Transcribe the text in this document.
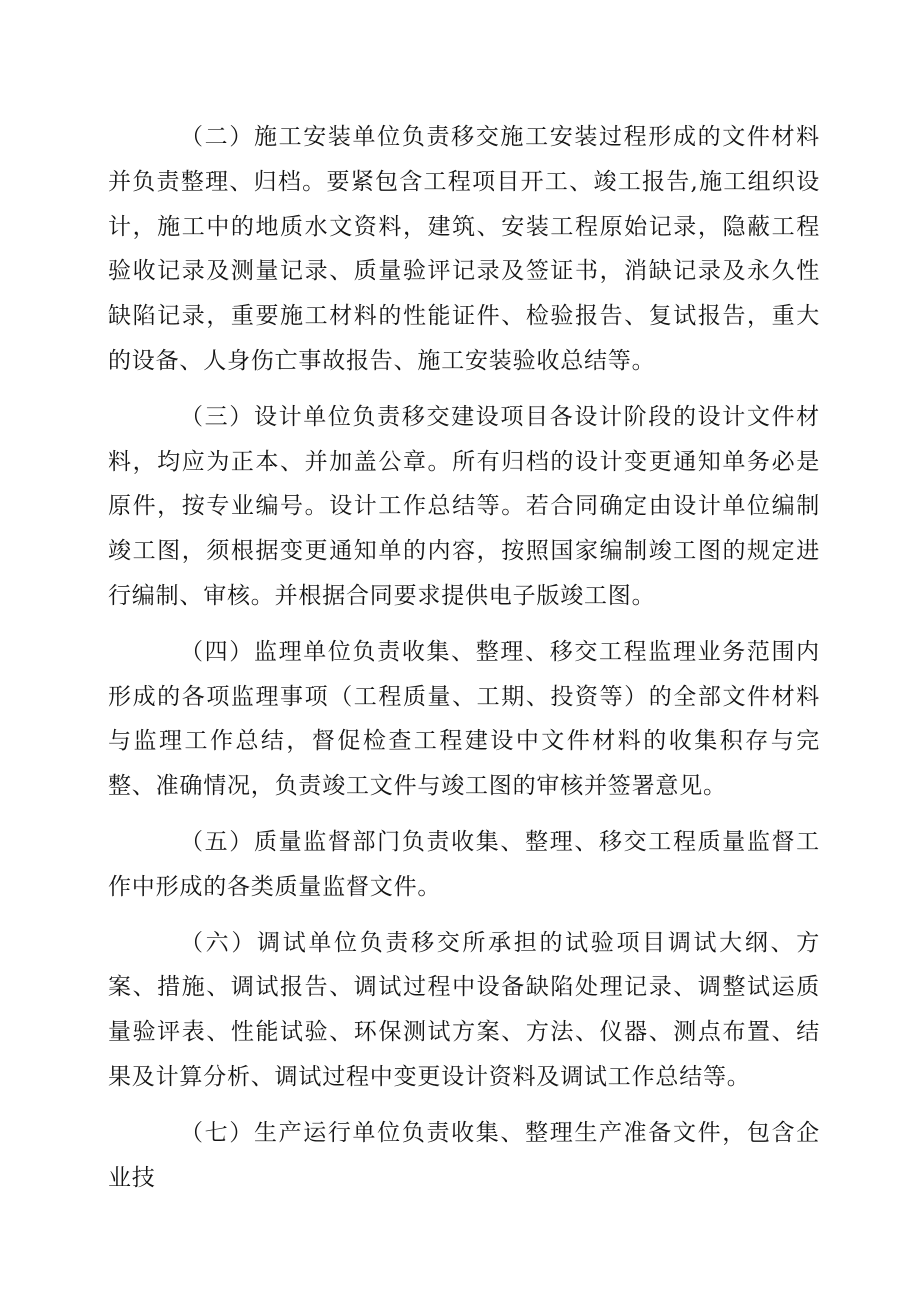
（二）施工安装单位负责移交施工安装过程形成的文件材料并负责整理、归档。要紧包含工程项目开工、竣工报告,施工组织设计，施工中的地质水文资料，建筑、安装工程原始记录，隐蔽工程验收记录及测量记录、质量验评记录及签证书，消缺记录及永久性缺陷记录，重要施工材料的性能证件、检验报告、复试报告，重大的设备、人身伤亡事故报告、施工安装验收总结等。

（三）设计单位负责移交建设项目各设计阶段的设计文件材料，均应为正本、并加盖公章。所有归档的设计变更通知单务必是原件，按专业编号。设计工作总结等。若合同确定由设计单位编制竣工图，须根据变更通知单的内容，按照国家编制竣工图的规定进行编制、审核。并根据合同要求提供电子版竣工图。

（四）监理单位负责收集、整理、移交工程监理业务范围内形成的各项监理事项（工程质量、工期、投资等）的全部文件材料与监理工作总结，督促检查工程建设中文件材料的收集积存与完整、准确情况，负责竣工文件与竣工图的审核并签署意见。

（五）质量监督部门负责收集、整理、移交工程质量监督工作中形成的各类质量监督文件。

（六）调试单位负责移交所承担的试验项目调试大纲、方案、措施、调试报告、调试过程中设备缺陷处理记录、调整试运质量验评表、性能试验、环保测试方案、方法、仪器、测点布置、结果及计算分析、调试过程中变更设计资料及调试工作总结等。

（七）生产运行单位负责收集、整理生产准备文件，包含企业技
